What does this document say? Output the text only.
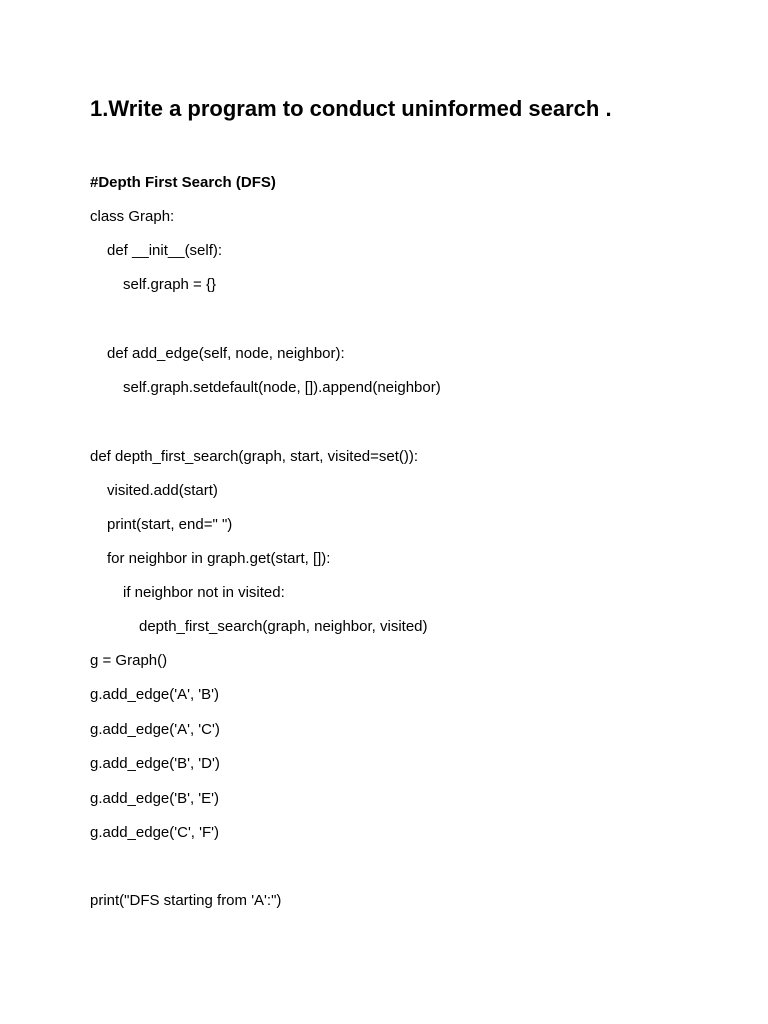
1.Write a program to conduct uninformed search .
#Depth First Search (DFS)
class Graph:
def __init__(self):
self.graph = {}
def add_edge(self, node, neighbor):
self.graph.setdefault(node, []).append(neighbor)
def depth_first_search(graph, start, visited=set()):
visited.add(start)
print(start, end=" ")
for neighbor in graph.get(start, []):
if neighbor not in visited:
depth_first_search(graph, neighbor, visited)
g = Graph()
g.add_edge('A', 'B')
g.add_edge('A', 'C')
g.add_edge('B', 'D')
g.add_edge('B', 'E')
g.add_edge('C', 'F')
print("DFS starting from 'A':")
